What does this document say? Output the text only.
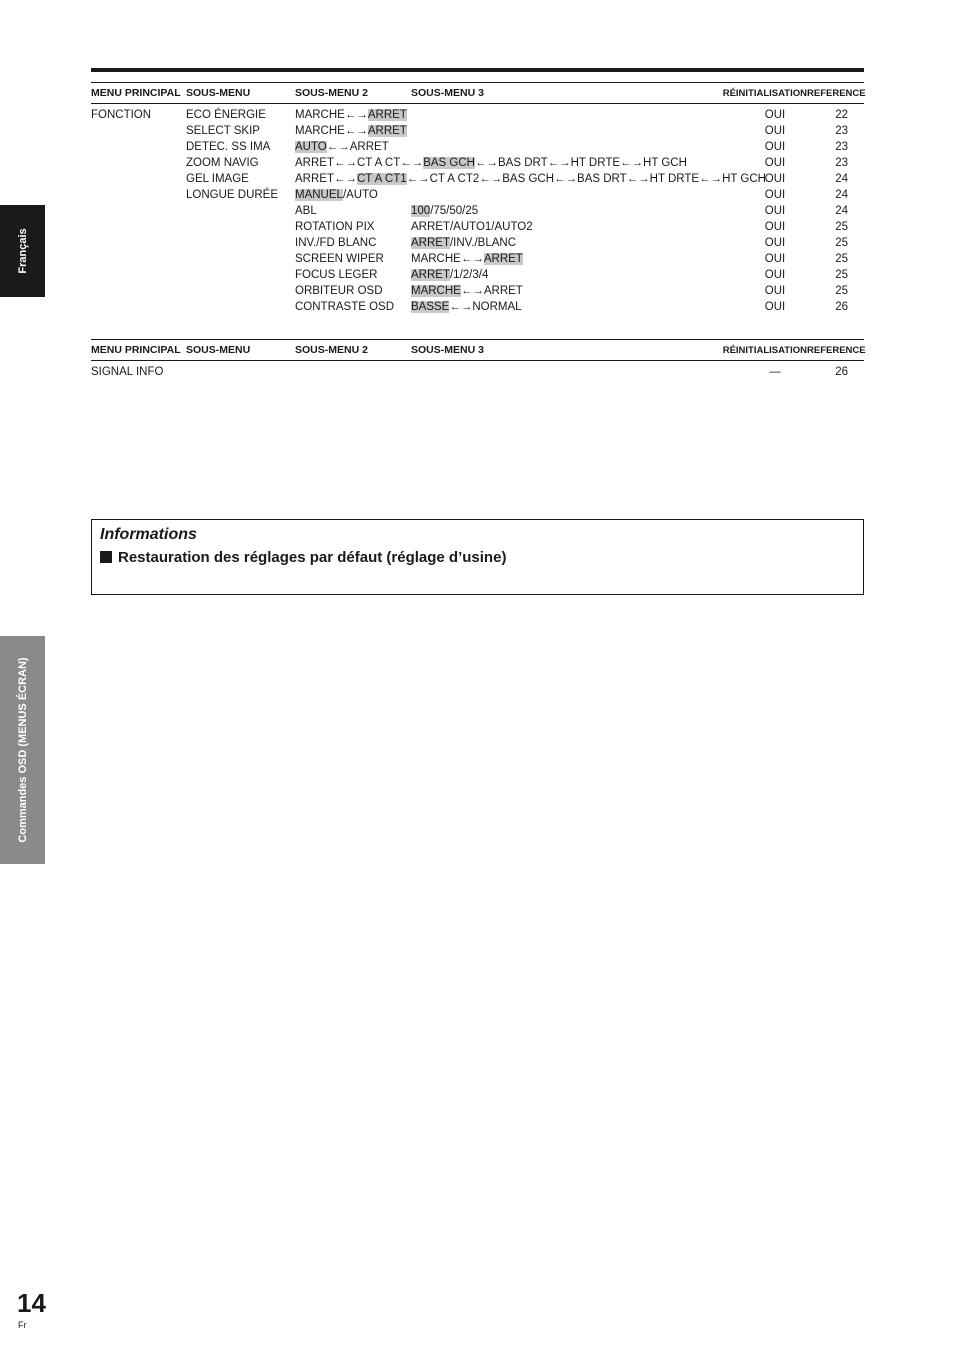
Français
Commandes OSD (MENUS ÉCRAN)
MENU PRINCIPAL	SOUS-MENU	SOUS-MENU 2	SOUS-MENU 3	RÉINITIALISATION	REFERENCE
FONCTION	ECO ÉNERGIE	MARCHE←→ARRET		OUI	22
	SELECT SKIP	MARCHE←→ARRET		OUI	23
	DETEC. SS IMA	AUTO←→ARRET		OUI	23
	ZOOM NAVIG	ARRET←→CT A CT←→BAS GCH←→BAS DRT←→HT DRTE←→HT GCH		OUI	23
	GEL IMAGE	ARRET←→CT A CT1←→CT A CT2←→BAS GCH←→BAS DRT←→HT DRTE←→HT GCH		OUI	24
	LONGUE DURÉE	MANUEL/AUTO		OUI	24
		ABL	100/75/50/25	OUI	24
		ROTATION PIX	ARRET/AUTO1/AUTO2	OUI	25
		INV./FD BLANC	ARRET/INV./BLANC	OUI	25
		SCREEN WIPER	MARCHE←→ARRET	OUI	25
		FOCUS LEGER	ARRET/1/2/3/4	OUI	25
		ORBITEUR OSD	MARCHE←→ARRET	OUI	25
		CONTRASTE OSD	BASSE←→NORMAL	OUI	26
MENU PRINCIPAL	SOUS-MENU	SOUS-MENU 2	SOUS-MENU 3	RÉINITIALISATION	REFERENCE
SIGNAL INFO				—	26
Informations
Restauration des réglages par défaut (réglage d’usine)
14
Fr
